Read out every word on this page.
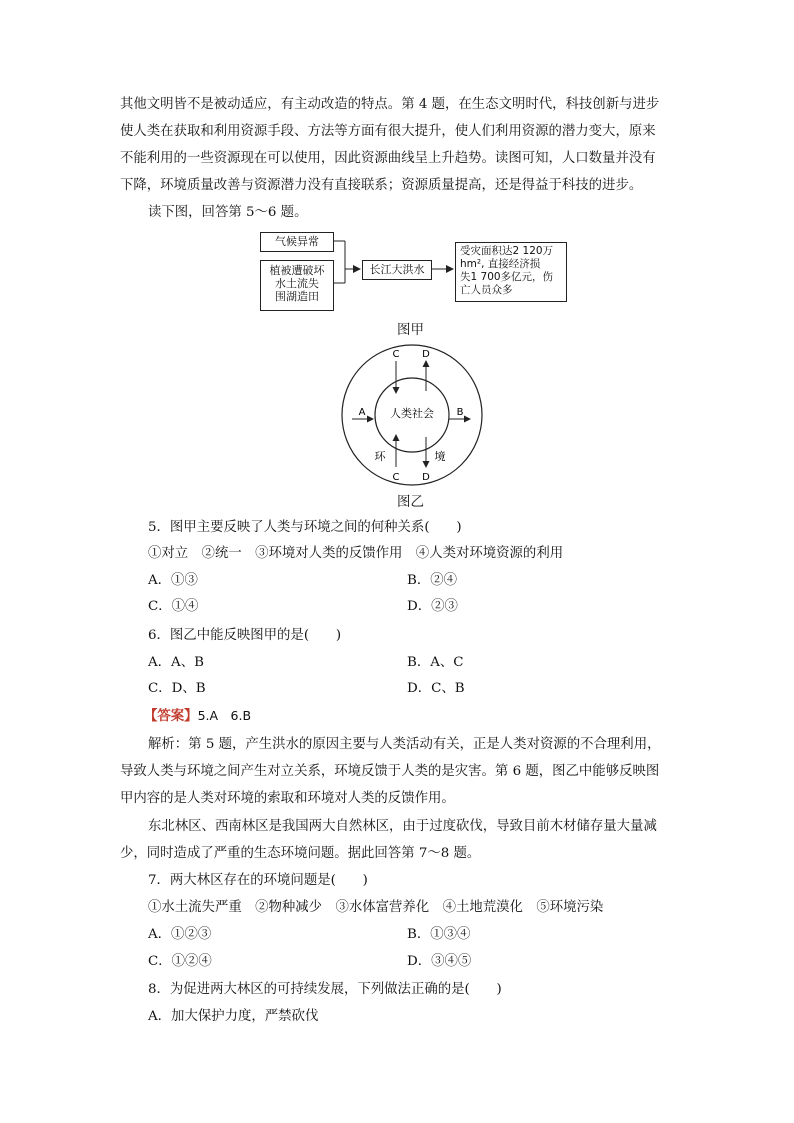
其他文明皆不是被动适应，有主动改造的特点。第 4 题，在生态文明时代，科技创新与进步
使人类在获取和利用资源手段、方法等方面有很大提升，使人们利用资源的潜力变大，原来
不能利用的一些资源现在可以使用，因此资源曲线呈上升趋势。读图可知，人口数量并没有
下降，环境质量改善与资源潜力没有直接联系；资源质量提高，还是得益于科技的进步。
读下图，回答第 5～6 题。
气候异常
植被遭破坏
水土流失
围湖造田
长江大洪水
受灾面积达2 120万
hm², 直接经济损
失1 700多亿元，伤
亡人员众多
图甲
人类社会
A	B
C D
C D
环	境
图乙
5．图甲主要反映了人类与环境之间的何种关系(　　)
①对立　②统一　③环境对人类的反馈作用　④人类对环境资源的利用
A．①③	B．②④
C．①④	D．②③
6．图乙中能反映图甲的是(　　)
A．A、B	B．A、C
C．D、B	D．C、B
【答案】5.A　6.B
解析：第 5 题，产生洪水的原因主要与人类活动有关，正是人类对资源的不合理利用，
导致人类与环境之间产生对立关系，环境反馈于人类的是灾害。第 6 题，图乙中能够反映图
甲内容的是人类对环境的索取和环境对人类的反馈作用。
东北林区、西南林区是我国两大自然林区，由于过度砍伐，导致目前木材储存量大量减
少，同时造成了严重的生态环境问题。据此回答第 7～8 题。
7．两大林区存在的环境问题是(　　)
①水土流失严重　②物种减少　③水体富营养化　④土地荒漠化　⑤环境污染
A．①②③	B．①③④
C．①②④	D．③④⑤
8．为促进两大林区的可持续发展，下列做法正确的是(　　)
A．加大保护力度，严禁砍伐
